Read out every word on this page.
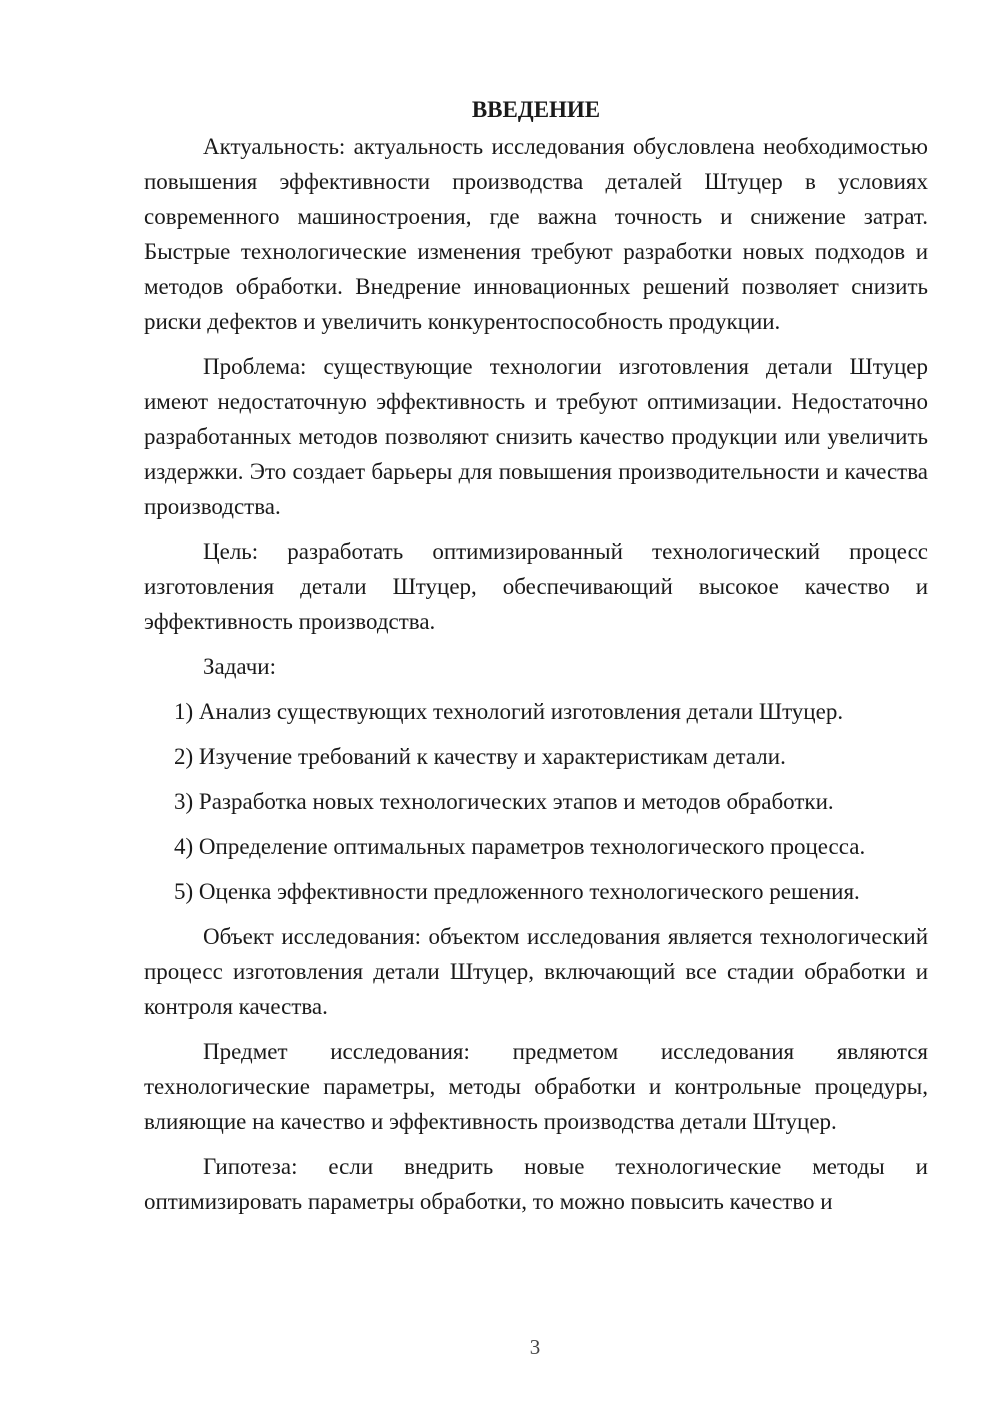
ВВЕДЕНИЕ

Актуальность: актуальность исследования обусловлена необходимостью повышения эффективности производства деталей Штуцер в условиях современного машиностроения, где важна точность и снижение затрат. Быстрые технологические изменения требуют разработки новых подходов и методов обработки. Внедрение инновационных решений позволяет снизить риски дефектов и увеличить конкурентоспособность продукции.

Проблема: существующие технологии изготовления детали Штуцер имеют недостаточную эффективность и требуют оптимизации. Недостаточно разработанных методов позволяют снизить качество продукции или увеличить издержки. Это создает барьеры для повышения производительности и качества производства.

Цель: разработать оптимизированный технологический процесс изготовления детали Штуцер, обеспечивающий высокое качество и эффективность производства.

Задачи:

1) Анализ существующих технологий изготовления детали Штуцер.
2) Изучение требований к качеству и характеристикам детали.
3) Разработка новых технологических этапов и методов обработки.
4) Определение оптимальных параметров технологического процесса.
5) Оценка эффективности предложенного технологического решения.

Объект исследования: объектом исследования является технологический процесс изготовления детали Штуцер, включающий все стадии обработки и контроля качества.

Предмет исследования: предметом исследования являются технологические параметры, методы обработки и контрольные процедуры, влияющие на качество и эффективность производства детали Штуцер.

Гипотеза: если внедрить новые технологические методы и оптимизировать параметры обработки, то можно повысить качество и

3
